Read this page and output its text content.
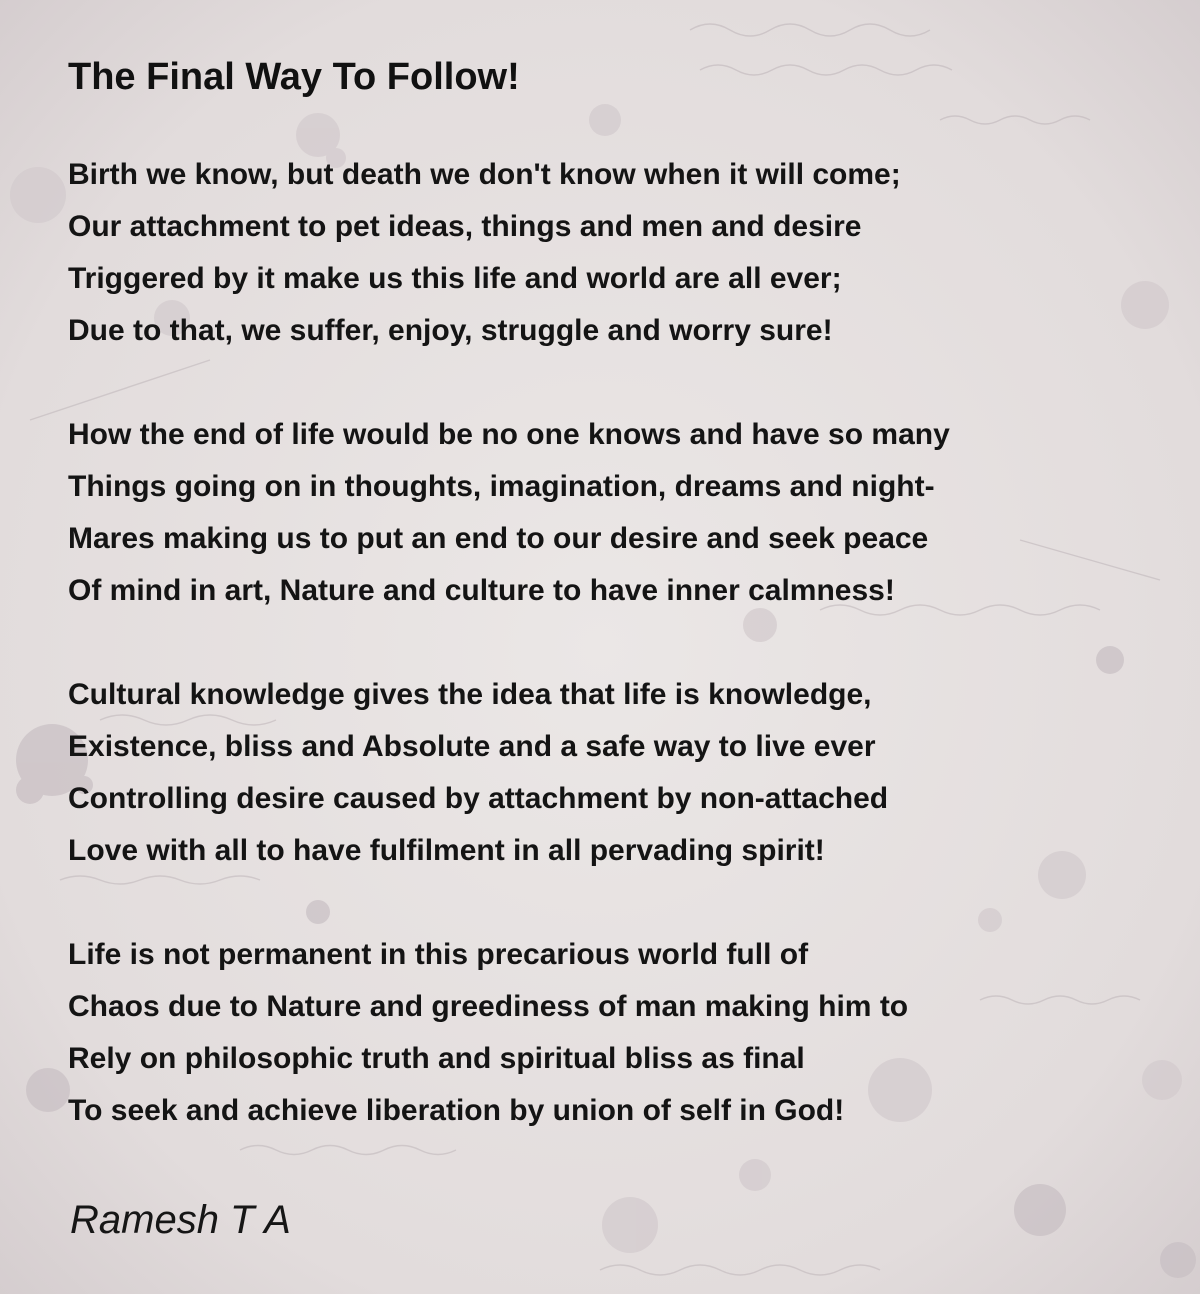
The Final Way To Follow!
Birth we know, but death we don't know when it will come;
Our attachment to pet ideas, things and men and desire
Triggered by it make us this life and world are all ever;
Due to that, we suffer, enjoy, struggle and worry sure!
How the end of life would be no one knows and have so many
Things going on in thoughts, imagination, dreams and night-
Mares making us to put an end to our desire and seek peace
Of mind in art, Nature and culture to have inner calmness!
Cultural knowledge gives the idea that life is knowledge,
Existence, bliss and Absolute and a safe way to live ever
Controlling desire caused by attachment by non-attached
Love with all to have fulfilment in all pervading spirit!
Life is not permanent in this precarious world full of
Chaos due to Nature and greediness of man making him to
Rely on philosophic truth and spiritual bliss as final
To seek and achieve liberation by union of self in God!

Ramesh T A
